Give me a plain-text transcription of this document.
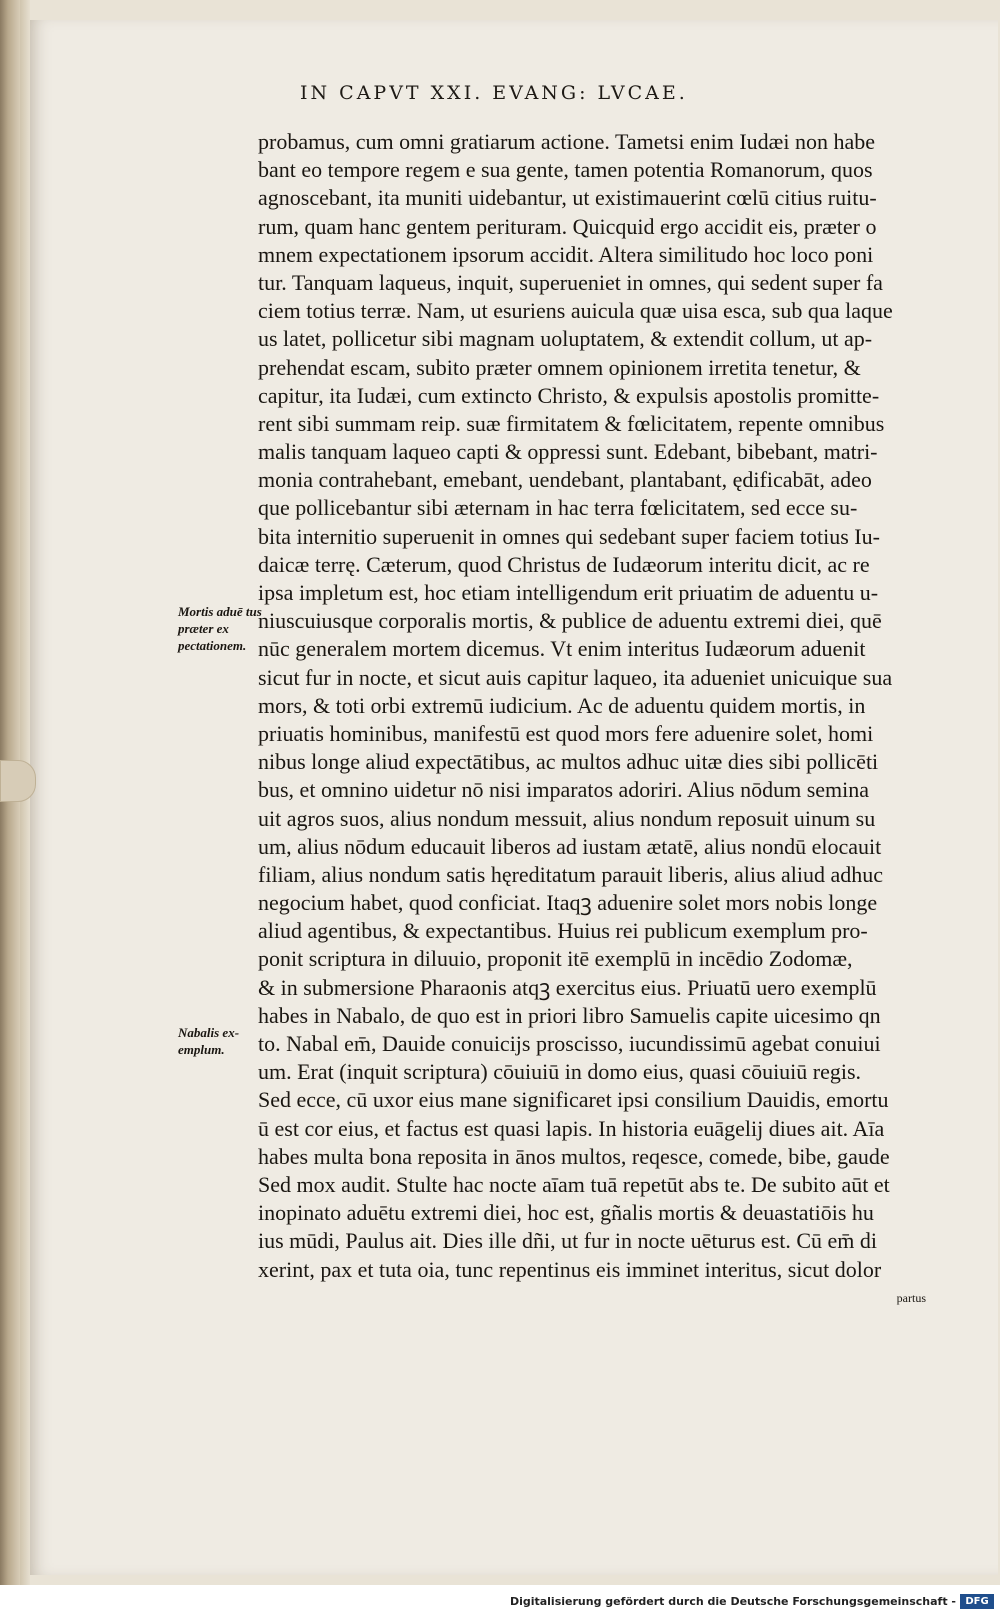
IN CAPVT XXI. EVANG: LVCAE.
probamus, cum omni gratiarum actione. Tametsi enim Iudæi non habe
bant eo tempore regem e sua gente, tamen potentia Romanorum, quos
agnoscebant, ita muniti uidebantur, ut existimauerint cœlū citius ruitu-
rum, quam hanc gentem perituram. Quicquid ergo accidit eis, præter o
mnem expectationem ipsorum accidit. Altera similitudo hoc loco poni
tur. Tanquam laqueus, inquit, superueniet in omnes, qui sedent super fa
ciem totius terræ. Nam, ut esuriens auicula quæ uisa esca, sub qua laque
us latet, pollicetur sibi magnam uoluptatem, & extendit collum, ut ap-
prehendat escam, subito præter omnem opinionem irretita tenetur, &
capitur, ita Iudæi, cum extincto Christo, & expulsis apostolis promitte-
rent sibi summam reip. suæ firmitatem & fœlicitatem, repente omnibus
malis tanquam laqueo capti & oppressi sunt. Edebant, bibebant, matri-
monia contrahebant, emebant, uendebant, plantabant, ędificabāt, adeo
que pollicebantur sibi æternam in hac terra fœlicitatem, sed ecce su-
bita internitio superuenit in omnes qui sedebant super faciem totius Iu-
daicæ terrę. Cæterum, quod Christus de Iudæorum interitu dicit, ac re
ipsa impletum est, hoc etiam intelligendum erit priuatim de aduentu u-
niuscuiusque corporalis mortis, & publice de aduentu extremi diei, quē
nūc generalem mortem dicemus. Vt enim interitus Iudæorum aduenit
sicut fur in nocte, et sicut auis capitur laqueo, ita adueniet unicuique sua
mors, & toti orbi extremū iudicium. Ac de aduentu quidem mortis, in
priuatis hominibus, manifestū est quod mors fere aduenire solet, homi
nibus longe aliud expectātibus, ac multos adhuc uitæ dies sibi pollicēti
bus, et omnino uidetur nō nisi imparatos adoriri. Alius nōdum semina
uit agros suos, alius nondum messuit, alius nondum reposuit uinum su
um, alius nōdum educauit liberos ad iustam ætatē, alius nondū elocauit
filiam, alius nondum satis hęreditatum parauit liberis, alius aliud adhuc
negocium habet, quod conficiat. Itaqꝫ aduenire solet mors nobis longe
aliud agentibus, & expectantibus. Huius rei publicum exemplum pro-
ponit scriptura in diluuio, proponit itē exemplū in incēdio Zodomæ,
& in submersione Pharaonis atqꝫ exercitus eius. Priuatū uero exemplū
habes in Nabalo, de quo est in priori libro Samuelis capite uicesimo qn
to. Nabal em̄, Dauide conuicijs proscisso, iucundissimū agebat conuiui
um. Erat (inquit scriptura) cōuiuiū in domo eius, quasi cōuiuiū regis.
Sed ecce, cū uxor eius mane significaret ipsi consilium Dauidis, emortu
ū est cor eius, et factus est quasi lapis. In historia euāgelij diues ait. Aīa
habes multa bona reposita in ānos multos, reqesce, comede, bibe, gaude
Sed mox audit. Stulte hac nocte aīam tuā repetūt abs te. De subito aūt et
inopinato aduētu extremi diei, hoc est, gñalis mortis & deuastatiōis hu
ius mūdi, Paulus ait. Dies ille dñi, ut fur in nocte uēturus est. Cū em̄ di
xerint, pax et tuta oia, tunc repentinus eis imminet interitus, sicut dolor
partus
Mortis aduē tus præter ex pectationem.
Nabalis ex- emplum.
Digitalisierung gefördert durch die Deutsche Forschungsgemeinschaft - DFG
